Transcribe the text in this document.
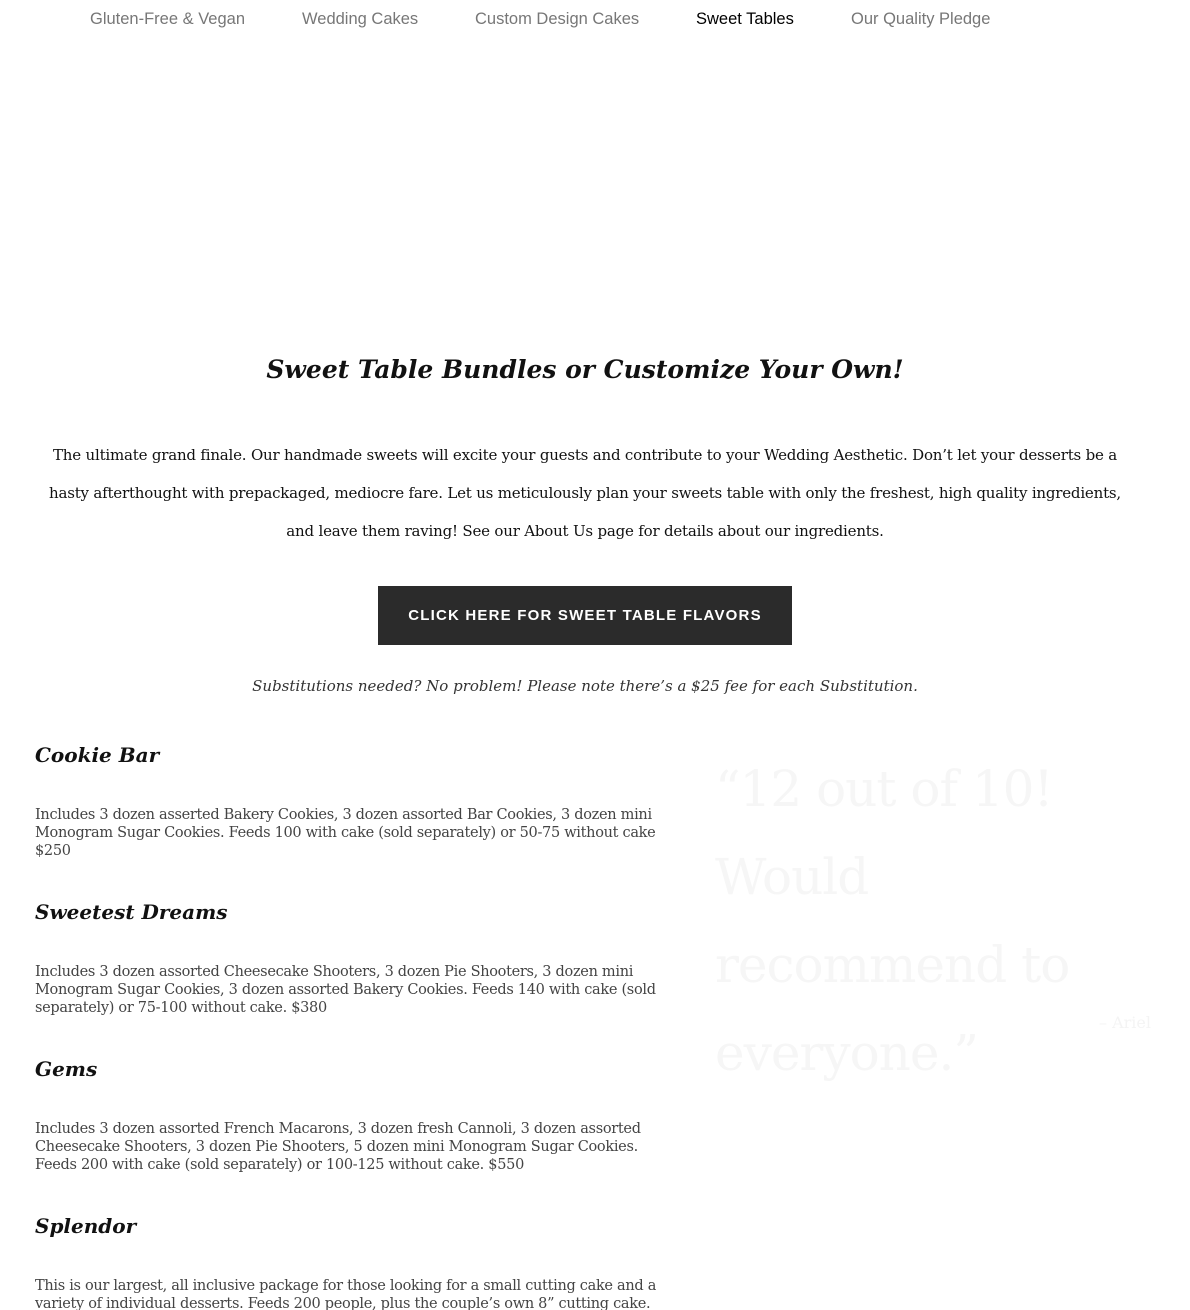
Gluten-Free & Vegan	Wedding Cakes	Custom Design Cakes	Sweet Tables	Our Quality Pledge
Sweet Table Bundles or Customize Your Own!

The ultimate grand finale. Our handmade sweets will excite your guests and contribute to your Wedding Aesthetic. Don’t let your desserts be a hasty afterthought with prepackaged, mediocre fare. Let us meticulously plan your sweets table with only the freshest, high quality ingredients, and leave them raving! See our About Us page for details about our ingredients.

CLICK HERE FOR SWEET TABLE FLAVORS

Substitutions needed? No problem! Please note there’s a $25 fee for each Substitution.

Cookie Bar

Includes 3 dozen asserted Bakery Cookies, 3 dozen assorted Bar Cookies, 3 dozen mini Monogram Sugar Cookies. Feeds 100 with cake (sold separately) or 50-75 without cake $250

Sweetest Dreams

Includes 3 dozen assorted Cheesecake Shooters, 3 dozen Pie Shooters, 3 dozen mini Monogram Sugar Cookies, 3 dozen assorted Bakery Cookies. Feeds 140 with cake (sold separately) or 75-100 without cake. $380

Gems

Includes 3 dozen assorted French Macarons, 3 dozen fresh Cannoli, 3 dozen assorted Cheesecake Shooters, 3 dozen Pie Shooters, 5 dozen mini Monogram Sugar Cookies. Feeds 200 with cake (sold separately) or 100-125 without cake. $550

Splendor

This is our largest, all inclusive package for those looking for a small cutting cake and a variety of individual desserts. Feeds 200 people, plus the couple’s own 8” cutting cake.

“12 out of 10! Would recommend to everyone.”

– Ariel
